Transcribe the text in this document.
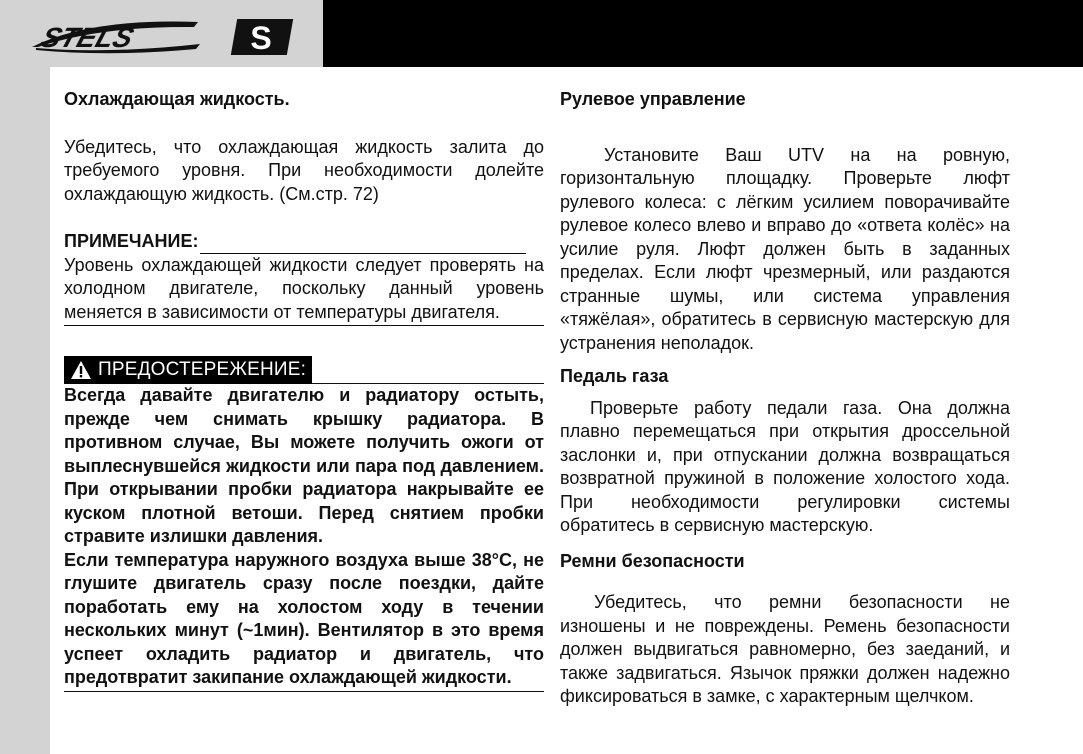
STELS	S
Охлаждающая жидкость.

Убедитесь, что охлаждающая жидкость залита до требуемого уровня. При необходимости долейте охлаждающую жидкость. (См.стр. 72)

ПРИМЕЧАНИЕ:

Уровень охлаждающей жидкости следует проверять на холодном двигателе, поскольку данный уровень меняется в зависимости от температуры двигателя.

ПРЕДОСТЕРЕЖЕНИЕ:

Всегда давайте двигателю и радиатору остыть, прежде чем снимать крышку радиатора. В противном случае, Вы можете получить ожоги от выплеснувшейся жидкости или пара под давлением. При открывании пробки радиатора накрывайте ее куском плотной ветоши. Перед снятием пробки стравите излишки давления.

Если температура наружного воздуха выше 38°С, не глушите двигатель сразу после поездки, дайте поработать ему на холостом ходу в течении нескольких минут (~1мин). Вентилятор в это время успеет охладить радиатор и двигатель, что предотвратит закипание охлаждающей жидкости.

Рулевое управление

Установите Ваш UTV на на ровную, горизонтальную площадку. Проверьте люфт рулевого колеса: с лёгким усилием поворачивайте рулевое колесо влево и вправо до «ответа колёс» на усилие руля. Люфт должен быть в заданных пределах. Если люфт чрезмерный, или раздаются странные шумы, или система управления «тяжёлая», обратитесь в сервисную мастерскую для устранения неполадок.

Педаль газа

Проверьте работу педали газа. Она должна плавно перемещаться при открытия дроссельной заслонки и, при отпускании должна возвращаться возвратной пружиной в положение холостого хода. При необходимости регулировки системы обратитесь в сервисную мастерскую.

Ремни безопасности

Убедитесь, что ремни безопасности не изношены и не повреждены. Ремень безопасности должен выдвигаться равномерно, без заеданий, и также задвигаться. Язычок пряжки должен надежно фиксироваться в замке, с характерным щелчком.
